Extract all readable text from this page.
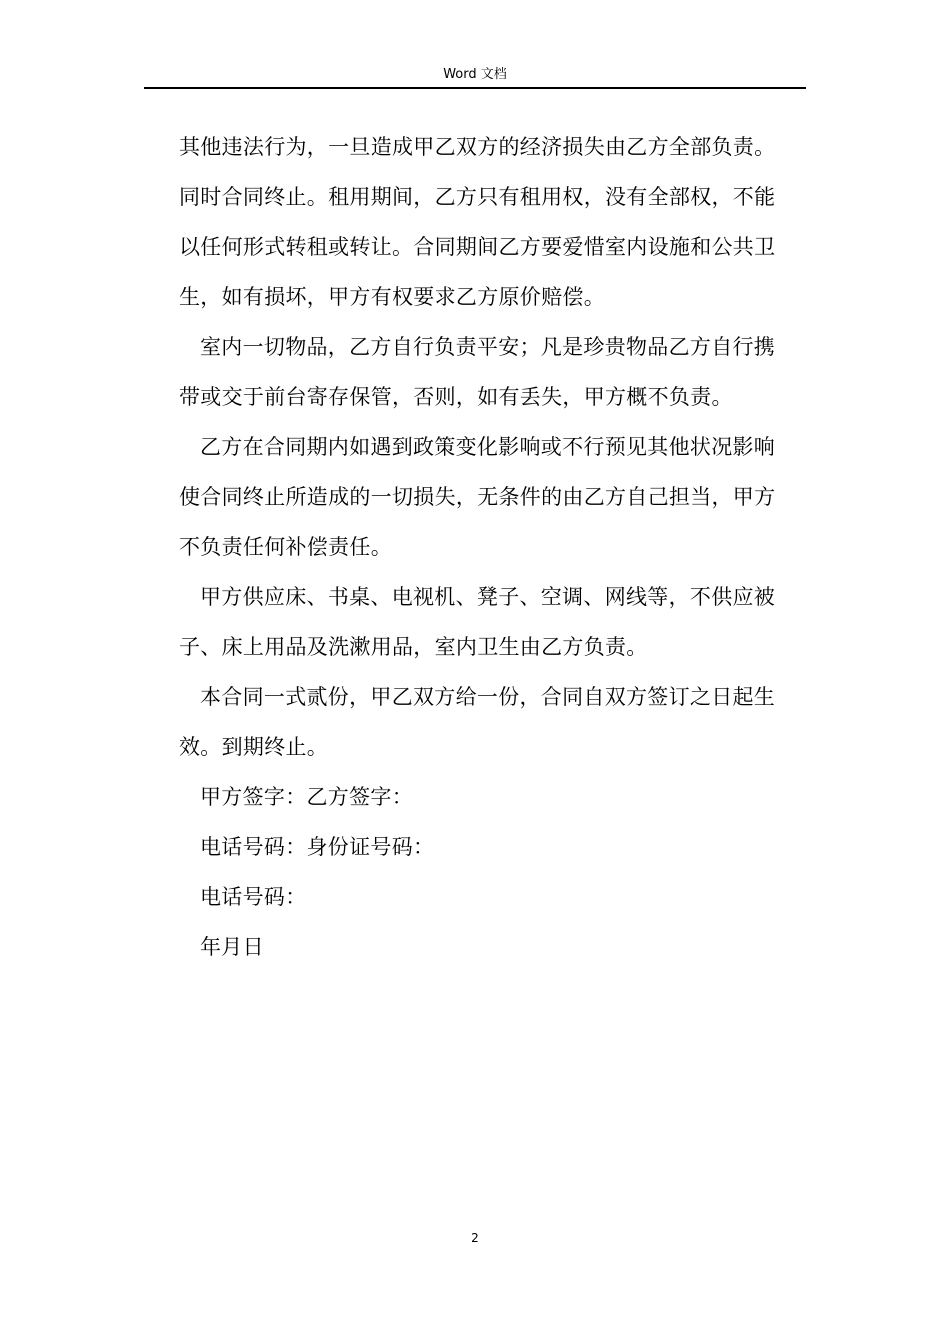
Word 文档
其他违法行为，一旦造成甲乙双方的经济损失由乙方全部负责。
同时合同终止。租用期间，乙方只有租用权，没有全部权，不能
以任何形式转租或转让。合同期间乙方要爱惜室内设施和公共卫
生，如有损坏，甲方有权要求乙方原价赔偿。
室内一切物品，乙方自行负责平安；凡是珍贵物品乙方自行携
带或交于前台寄存保管，否则，如有丢失，甲方概不负责。
乙方在合同期内如遇到政策变化影响或不行预见其他状况影响
使合同终止所造成的一切损失，无条件的由乙方自己担当，甲方
不负责任何补偿责任。
甲方供应床、书桌、电视机、凳子、空调、网线等，不供应被
子、床上用品及洗漱用品，室内卫生由乙方负责。
本合同一式贰份，甲乙双方给一份，合同自双方签订之日起生
效。到期终止。
甲方签字：乙方签字：
电话号码：身份证号码：
电话号码：
年月日
2
